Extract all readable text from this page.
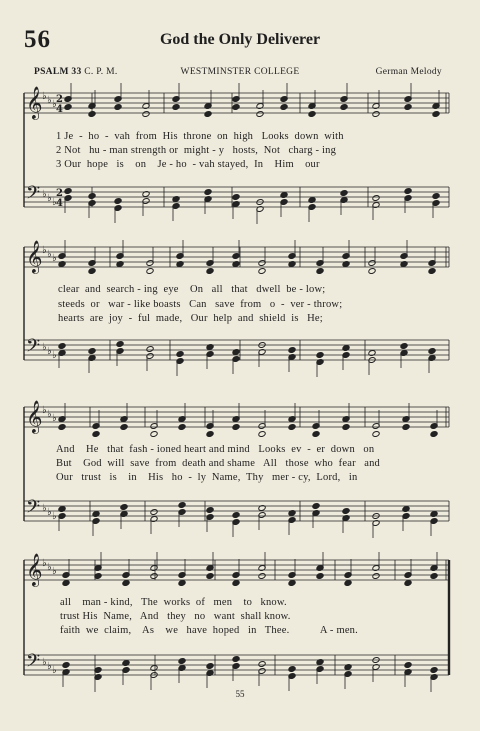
56	God the Only Deliverer
PSALM 33 C. P. M.	WESTMINSTER COLLEGE	German Melody
𝄞
𝄢
♭
♭
♭
♭
♭
♭
𝄞
𝄢
♭
♭
♭
♭
♭
♭
𝄞
𝄢
♭
♭
♭
♭
♭
♭
𝄞
𝄢
♭
♭
♭
♭
♭
♭
2
4
2
4
1 Je  -  ho  -  vah  from  His  throne  on  high   Looks  down  with
2 Not   hu - man strength or  might - y   hosts,  Not   charg - ing
3 Our  hope   is    on    Je - ho  - vah stayed,  In    Him    our
clear  and  search - ing  eye    On   all   that   dwell  be - low;
steeds  or   war - like boasts   Can   save  from   o  -  ver - throw;
hearts  are  joy  -  ful  made,   Our  help  and  shield  is   He;
And    He   that  fash - ioned heart and mind   Looks  ev  -  er  down   on
But    God  will  save  from  death and shame   All   those  who  fear   and
Our   trust   is    in    His   ho  -  ly  Name,  Thy   mer - cy,  Lord,   in
all    man - kind,   The  works  of   men    to   know.
trust His  Name,   And   they   no   want  shall know.
faith  we  claim,    As    we   have  hoped   in   Thee.           A - men.
55
